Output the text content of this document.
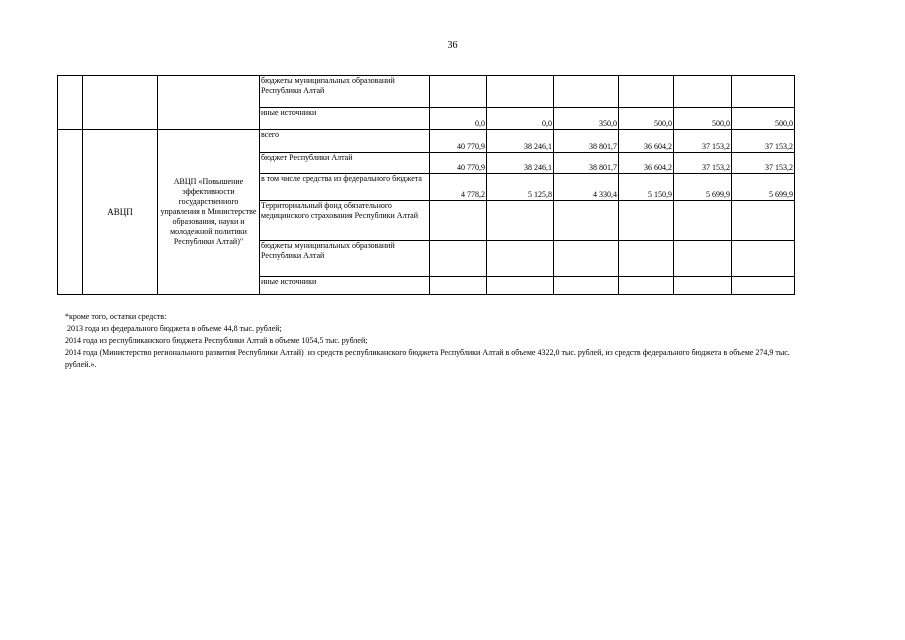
36
			бюджеты муниципальных образований Республики Алтай						
			иные источники	0,0	0,0	350,0	500,0	500,0	500,0
	АВЦП	АВЦП «Повышение эффективности государственного управления в Министерстве образования, науки и молодежной политики Республики Алтай)"	всего	40 770,9	38 246,1	38 801,7	36 604,2	37 153,2	37 153,2
			бюджет Республики Алтай	40 770,9	38 246,1	38 801,7	36 604,2	37 153,2	37 153,2
			в том числе средства из федерального бюджета	4 778,2	5 125,8	4 330,4	5 150,9	5 699,9	5 699,9
			Территориальный фонд обязательного медицинского страхования Республики Алтай						
			бюджеты муниципальных образований Республики Алтай						
			иные источники						
*кроме того, остатки средств:
2013 года из федерального бюджета в объеме 44,8 тыс. рублей;
2014 года из республиканского бюджета Республики Алтай в объеме 1054,5 тыс. рублей;
2014 года (Министерство регионального развития Республики Алтай)  из средств республиканского бюджета Республики Алтай в объеме 4322,0 тыс. рублей, из средств федерального бюджета в объеме 274,9 тыс. рублей.».
